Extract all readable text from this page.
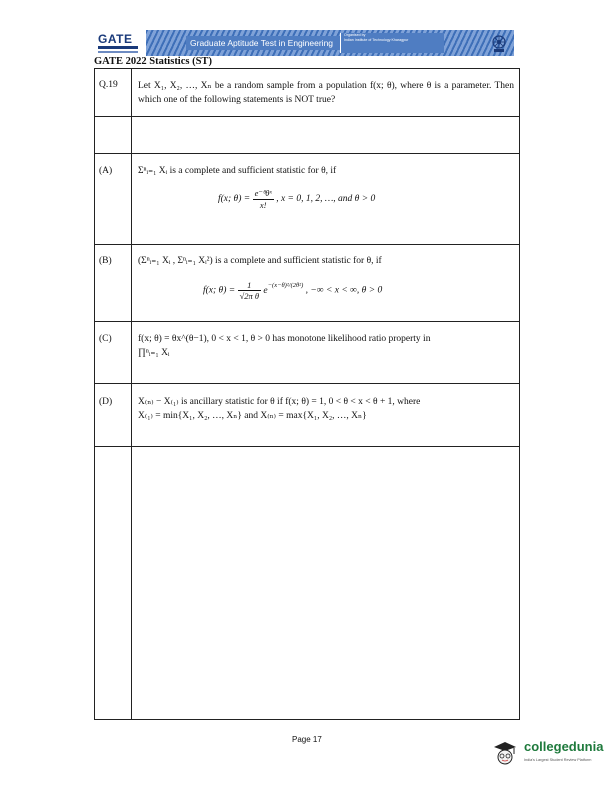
GATE	Graduate Aptitude Test in Engineering
Organised by
Indian Institute of Technology Kharagpur
GATE 2022 Statistics (ST)
Q.19 Let X₁, X₂, …, Xₙ be a random sample from a population f(x; θ), where θ is a parameter. Then which one of the following statements is NOT true?
(A)	Σⁿᵢ₌₁ Xᵢ is a complete and sufficient statistic for θ, if
f(x; $\theta) = \frac{\text{e⁻ᶿθˣ}}{x!}$ , x = 0, 1, 2, …, and θ > 0
(B)	(Σⁿᵢ₌₁ Xᵢ , Σⁿᵢ₌₁ Xᵢ²) is a complete and sufficient statistic for θ, if
f(x; $\theta) = \frac{1}{\text{√2π θ}} e^{-(x-\theta)^2/(2\theta^2)}$ , −∞ < x < ∞, θ > 0
(C)	f(x; θ) = θx^(θ−1), 0 < x < 1, θ > 0 has monotone likelihood ratio property in
∏ⁿᵢ₌₁ Xᵢ
(D)	X₍ₙ₎ − X₍₁₎ is ancillary statistic for θ if f(x; θ) = 1, 0 < θ < x < θ + 1, where
X₍₁₎ = min{X₁, X₂, …, Xₙ} and X₍ₙ₎ = max{X₁, X₂, …, Xₙ}
Page 17	collegedunia
India's Largest Student Review Platform
